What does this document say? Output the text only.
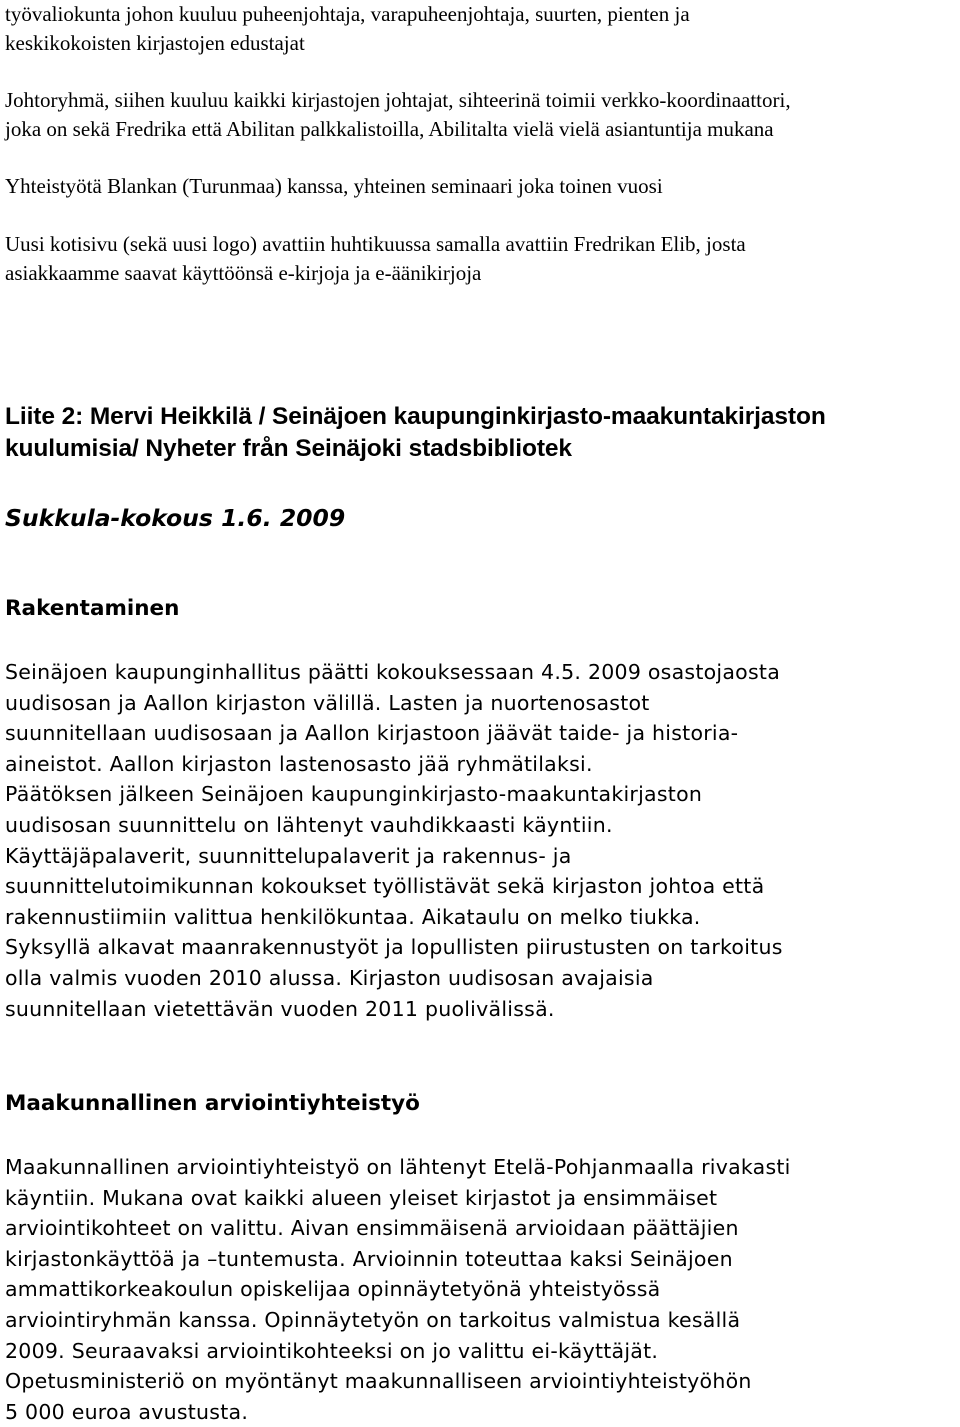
työvaliokunta johon kuuluu puheenjohtaja, varapuheenjohtaja, suurten, pienten ja
keskikokoisten kirjastojen edustajat

Johtoryhmä, siihen kuuluu kaikki kirjastojen johtajat, sihteerinä toimii verkko-koordinaattori,
joka on sekä Fredrika että Abilitan palkkalistoilla, Abilitalta vielä vielä asiantuntija mukana

Yhteistyötä Blankan (Turunmaa) kanssa, yhteinen seminaari joka toinen vuosi

Uusi kotisivu (sekä uusi logo) avattiin huhtikuussa samalla avattiin Fredrikan Elib, josta
asiakkaamme saavat käyttöönsä e-kirjoja ja e-äänikirjoja

Liite 2: Mervi Heikkilä / Seinäjoen kaupunginkirjasto-maakuntakirjaston
kuulumisia/ Nyheter från Seinäjoki stadsbibliotek
Sukkula-kokous 1.6. 2009
Rakentaminen

Seinäjoen kaupunginhallitus päätti kokouksessaan 4.5. 2009 osastojaosta
uudisosan ja Aallon kirjaston välillä. Lasten ja nuortenosastot
suunnitellaan uudisosaan ja Aallon kirjastoon jäävät taide- ja historia-
aineistot. Aallon kirjaston lastenosasto jää ryhmätilaksi.
Päätöksen jälkeen Seinäjoen kaupunginkirjasto-maakuntakirjaston
uudisosan suunnittelu on lähtenyt vauhdikkaasti käyntiin.
Käyttäjäpalaverit, suunnittelupalaverit ja rakennus- ja
suunnittelutoimikunnan kokoukset työllistävät sekä kirjaston johtoa että
rakennustiimiin valittua henkilökuntaa. Aikataulu on melko tiukka.
Syksyllä alkavat maanrakennustyöt ja lopullisten piirustusten on tarkoitus
olla valmis vuoden 2010 alussa. Kirjaston uudisosan avajaisia
suunnitellaan vietettävän vuoden 2011 puolivälissä.

Maakunnallinen arviointiyhteistyö

Maakunnallinen arviointiyhteistyö on lähtenyt Etelä-Pohjanmaalla rivakasti
käyntiin. Mukana ovat kaikki alueen yleiset kirjastot ja ensimmäiset
arviointikohteet on valittu. Aivan ensimmäisenä arvioidaan päättäjien
kirjastonkäyttöä ja –tuntemusta. Arvioinnin toteuttaa kaksi Seinäjoen
ammattikorkeakoulun opiskelijaa opinnäytetyönä yhteistyössä
arviointiryhmän kanssa. Opinnäytetyön on tarkoitus valmistua kesällä
2009. Seuraavaksi arviointikohteeksi on jo valittu ei-käyttäjät.
Opetusministeriö on myöntänyt maakunnalliseen arviointiyhteistyöhön
5 000 euroa avustusta.
